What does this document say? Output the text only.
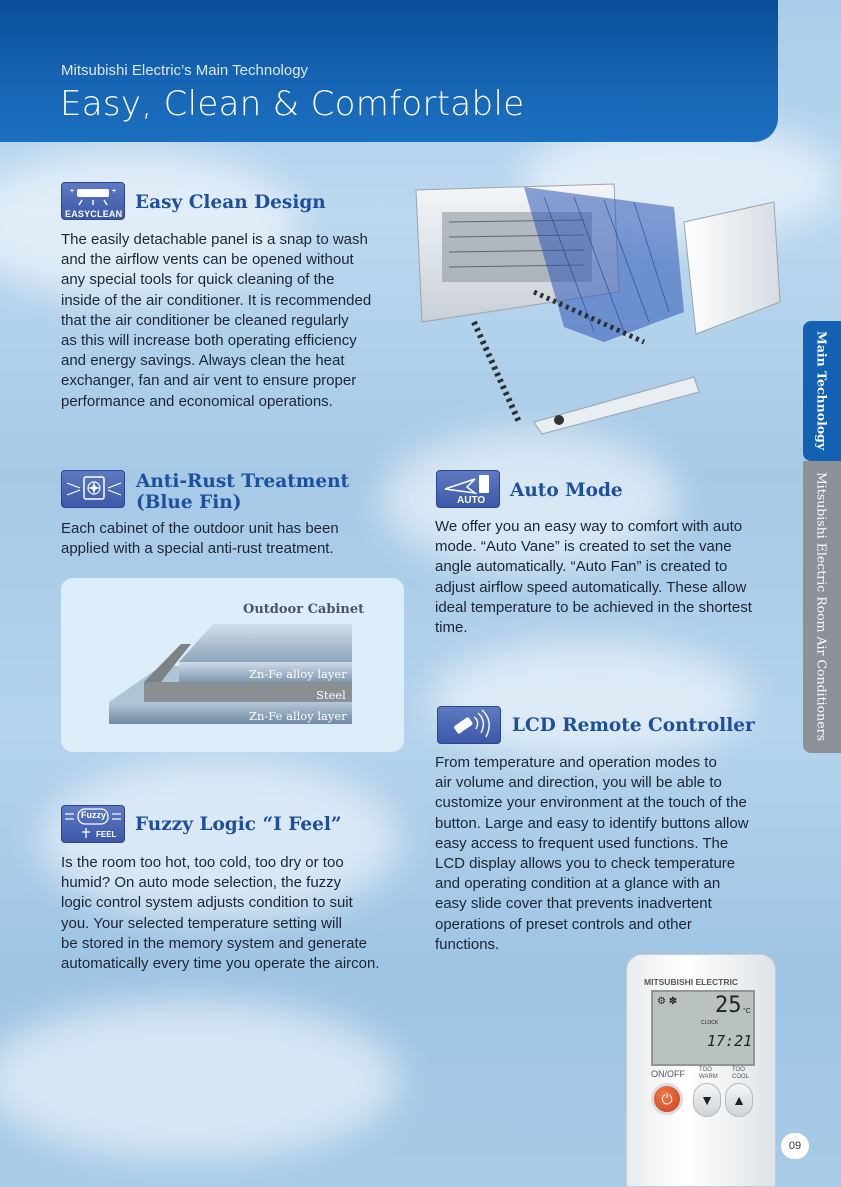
Mitsubishi Electric’s Main Technology
Easy, Clean & Comfortable
Main Technology
Mitsubishi Electric Room Air Conditioners
+	+
EASYCLEAN
Easy Clean Design
The easily detachable panel is a snap to wash
and the airflow vents can be opened without
any special tools for quick cleaning of the
inside of the air conditioner. It is recommended
that the air conditioner be cleaned regularly
as this will increase both operating efficiency
and energy savings. Always clean the heat
exchanger, fan and air vent to ensure proper
performance and economical operations.
Anti-Rust Treatment
(Blue Fin)
Each cabinet of the outdoor unit has been
applied with a special anti-rust treatment.
Outdoor Cabinet
Zn-Fe alloy layer
Steel
Zn-Fe alloy layer
AUTO Auto Mode
We offer you an easy way to comfort with auto
mode. “Auto Vane” is created to set the vane
angle automatically. “Auto Fan” is created to
adjust airflow speed automatically. These allow
ideal temperature to be achieved in the shortest
time.
LCD Remote Controller
From temperature and operation modes to
air volume and direction, you will be able to
customize your environment at the touch of the
button. Large and easy to identify buttons allow
easy access to frequent used functions. The
LCD display allows you to check temperature
and operating condition at a glance with an
easy slide cover that prevents inadvertent
operations of preset controls and other
functions.
Fuzzy
FEEL Fuzzy Logic “I Feel”
Is the room too hot, too cold, too dry or too
humid? On auto mode selection, the fuzzy
logic control system adjusts condition to suit
you. Your selected temperature setting will
be stored in the memory system and generate
automatically every time you operate the aircon.
MITSUBISHI ELECTRIC
⚙ ✽ 25 °C
CLOCK
17:21
ON/OFF TOO WARM
TOO COOL
⏻ ▼ ▲
09
